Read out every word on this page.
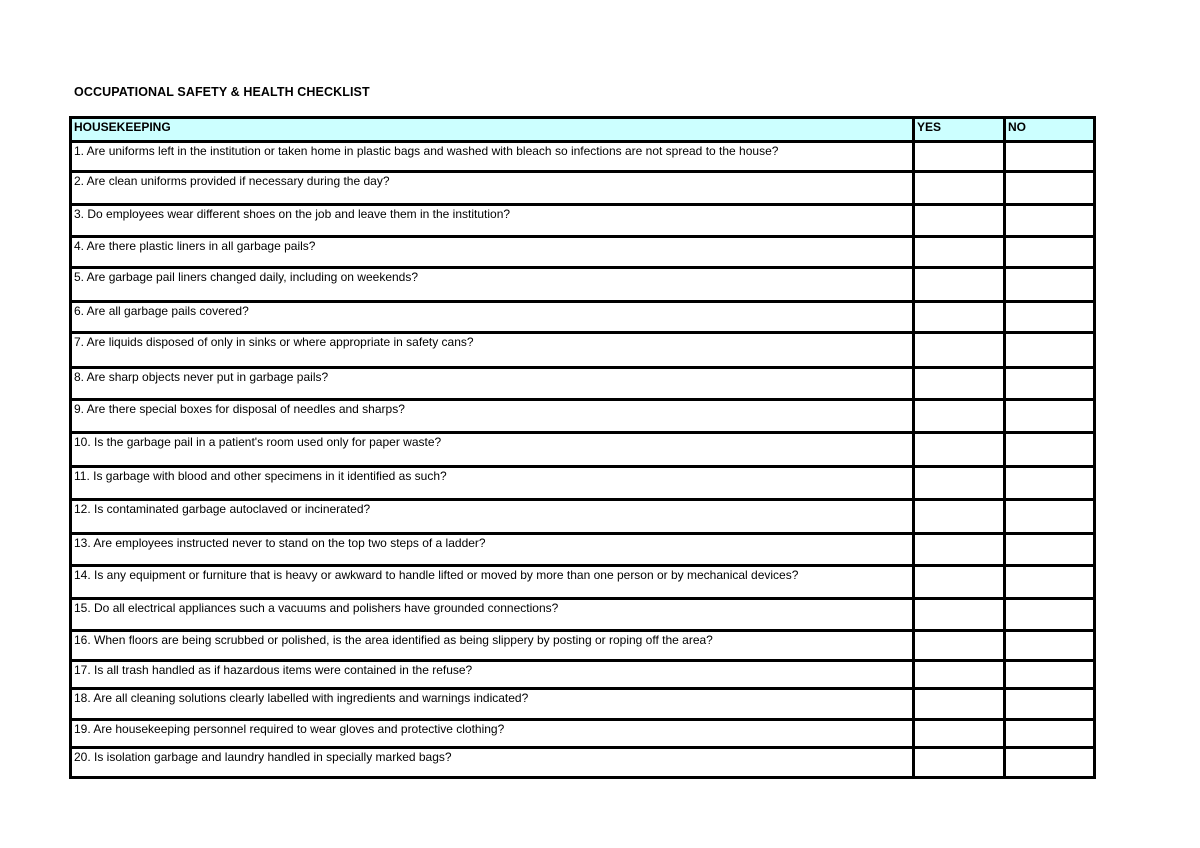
OCCUPATIONAL SAFETY & HEALTH CHECKLIST
HOUSEKEEPING	YES	NO
1. Are uniforms left in the institution or taken home in plastic bags and washed with bleach so infections are not spread to the house?		
2. Are clean uniforms provided if necessary during the day?		
3. Do employees wear different shoes on the job and leave them in the institution?		
4. Are there plastic liners in all garbage pails?		
5. Are garbage pail liners changed daily, including on weekends?		
6. Are all garbage pails covered?		
7. Are liquids disposed of only in sinks or where appropriate in safety cans?		
8. Are sharp objects never put in garbage pails?		
9. Are there special boxes for disposal of needles and sharps?		
10. Is the garbage pail in a patient's room used only for paper waste?		
11. Is garbage with blood and other specimens in it identified as such?		
12. Is contaminated garbage autoclaved or incinerated?		
13. Are employees instructed never to stand on the top two steps of a ladder?		
14. Is any equipment or furniture that is heavy or awkward to handle lifted or moved by more than one person or by mechanical devices?		
15. Do all electrical appliances such a vacuums and polishers have grounded connections?		
16. When floors are being scrubbed or polished, is the area identified as being slippery by posting or roping off the area?		
17. Is all trash handled as if hazardous items were contained in the refuse?		
18. Are all cleaning solutions clearly labelled with ingredients and warnings indicated?		
19. Are housekeeping personnel required to wear gloves and protective clothing?		
20. Is isolation garbage and laundry handled in specially marked bags?		
